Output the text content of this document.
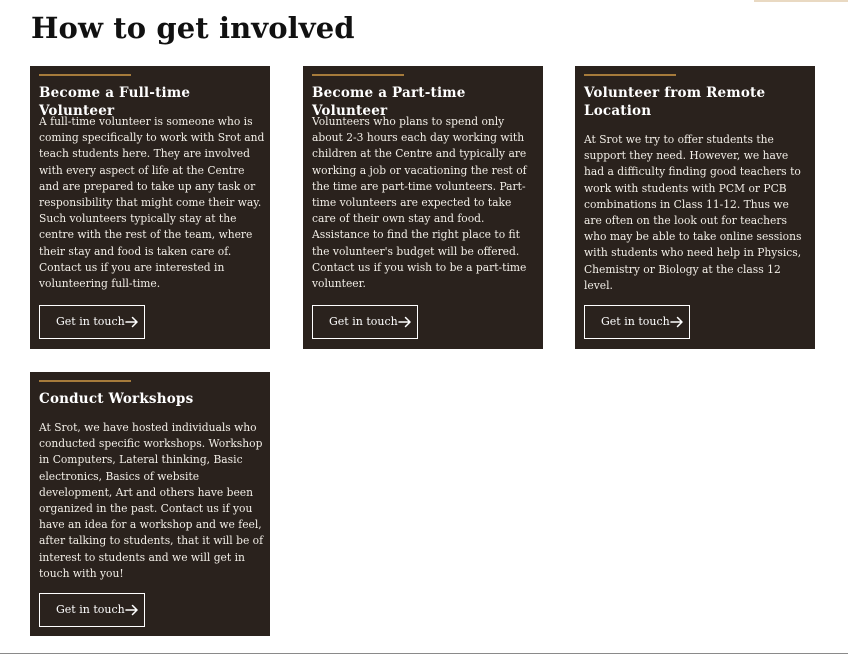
How to get involved
Become a Full-time Volunteer

A full-time volunteer is someone who is coming specifically to work with Srot and teach students here. They are involved with every aspect of life at the Centre and are prepared to take up any task or responsibility that might come their way. Such volunteers typically stay at the centre with the rest of the team, where their stay and food is taken care of. Contact us if you are interested in volunteering full-time.

Get in touch
Become a Part-time Volunteer

Volunteers who plans to spend only about 2-3 hours each day working with children at the Centre and typically are working a job or vacationing the rest of the time are part-time volunteers. Part-time volunteers are expected to take care of their own stay and food. Assistance to find the right place to fit the volunteer's budget will be offered. Contact us if you wish to be a part-time volunteer.

Get in touch
Volunteer from Remote Location

At Srot we try to offer students the support they need. However, we have had a difficulty finding good teachers to work with students with PCM or PCB combinations in Class 11-12. Thus we are often on the look out for teachers who may be able to take online sessions with students who need help in Physics, Chemistry or Biology at the class 12 level.

Get in touch
Conduct Workshops

At Srot, we have hosted individuals who conducted specific workshops. Workshop in Computers, Lateral thinking, Basic electronics, Basics of website development, Art and others have been organized in the past. Contact us if you have an idea for a workshop and we feel, after talking to students, that it will be of interest to students and we will get in touch with you!

Get in touch
